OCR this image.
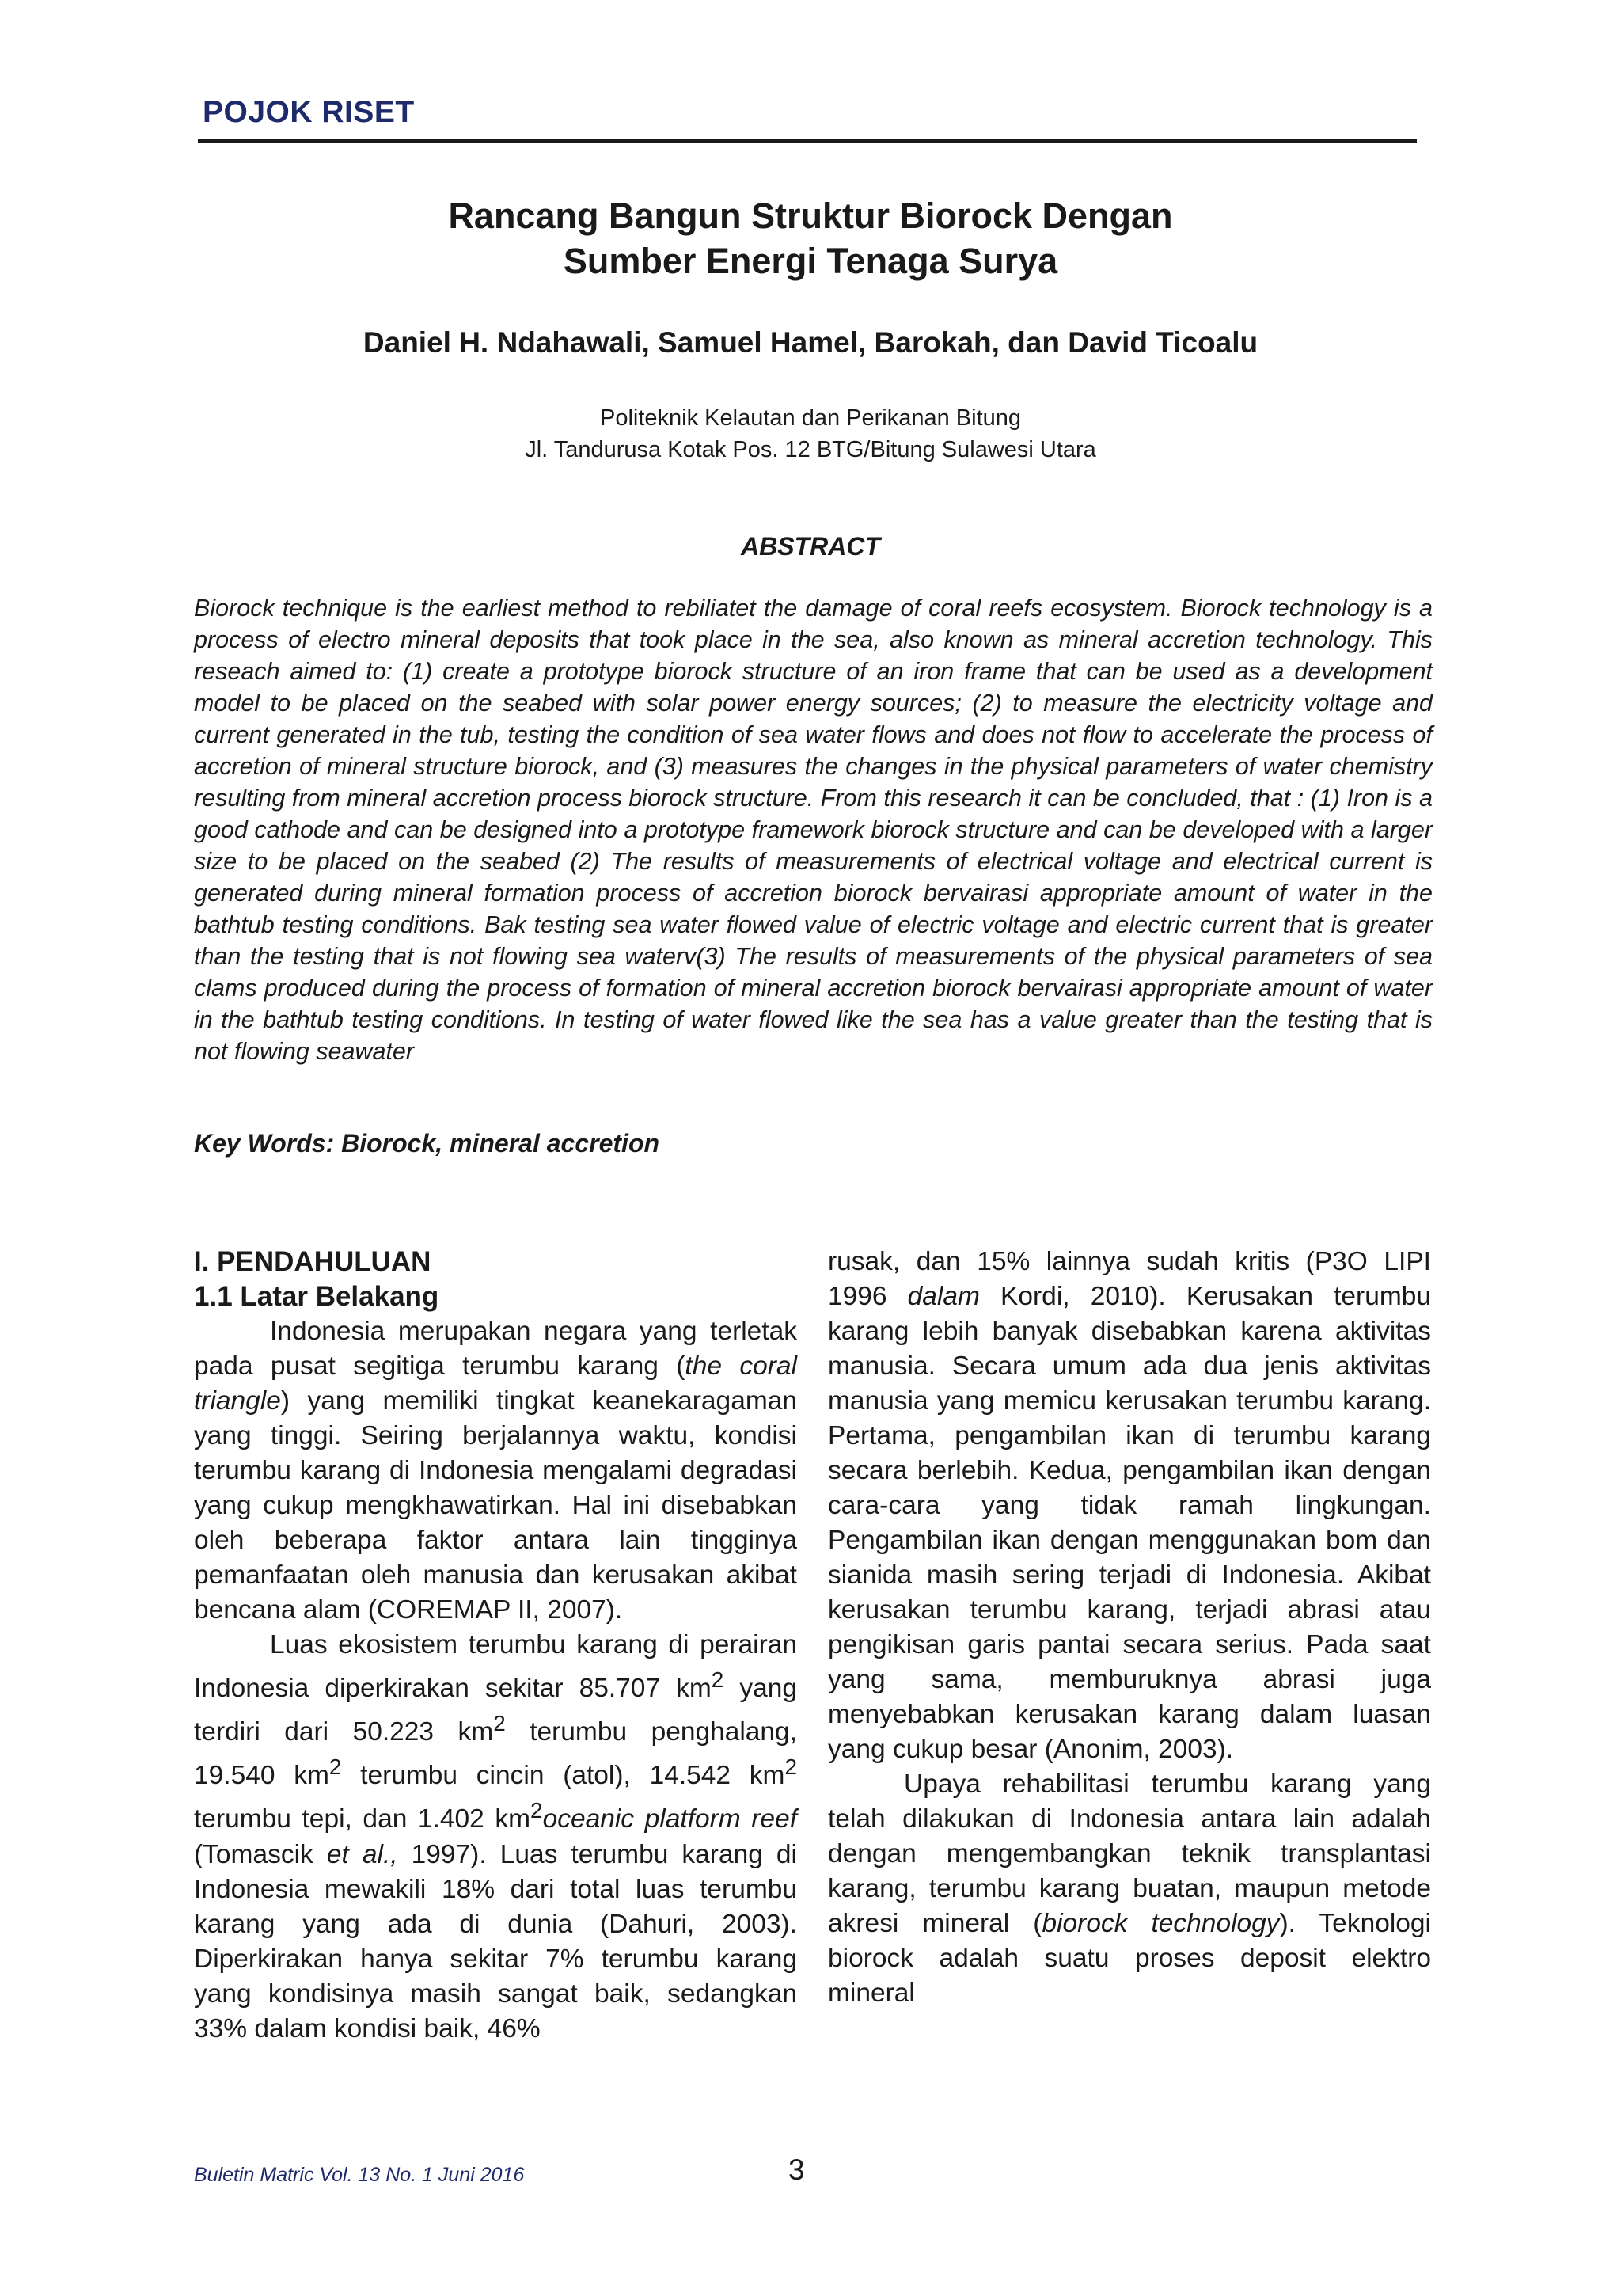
POJOK RISET
Rancang Bangun Struktur Biorock Dengan
Sumber Energi Tenaga Surya
Daniel H. Ndahawali, Samuel Hamel, Barokah, dan David Ticoalu
Politeknik Kelautan dan Perikanan Bitung
Jl. Tandurusa Kotak Pos. 12 BTG/Bitung Sulawesi Utara
ABSTRACT

Biorock technique is the earliest method to rebiliatet the damage of coral reefs ecosystem. Biorock technology is a process of electro mineral deposits that took place in the sea, also known as mineral accretion technology. This reseach aimed to: (1) create a prototype biorock structure of an iron frame that can be used as a development model to be placed on the seabed with solar power energy sources; (2) to measure the electricity voltage and current generated in the tub, testing the condition of sea water flows and does not flow to accelerate the process of accretion of mineral structure biorock, and (3) measures the changes in the physical parameters of water chemistry resulting from mineral accretion process biorock structure. From this research it can be concluded, that : (1) Iron is a good cathode and can be designed into a prototype framework biorock structure and can be developed with a larger size to be placed on the seabed (2) The results of measurements of electrical voltage and electrical current is generated during mineral formation process of accretion biorock bervairasi appropriate amount of water in the bathtub testing conditions. Bak testing sea water flowed value of electric voltage and electric current that is greater than the testing that is not flowing sea waterv(3) The results of measurements of the physical parameters of sea clams produced during the process of formation of mineral accretion biorock bervairasi appropriate amount of water in the bathtub testing conditions. In testing of water flowed like the sea has a value greater than the testing that is not flowing seawater

Key Words: Biorock, mineral accretion
I. PENDAHULUAN
1.1 Latar Belakang

Indonesia merupakan negara yang terletak pada pusat segitiga terumbu karang (the coral triangle) yang memiliki tingkat keanekaragaman yang tinggi. Seiring berjalannya waktu, kondisi terumbu karang di Indonesia mengalami degradasi yang cukup mengkhawatirkan. Hal ini disebabkan oleh beberapa faktor antara lain tingginya pemanfaatan oleh manusia dan kerusakan akibat bencana alam (COREMAP II, 2007).

Luas ekosistem terumbu karang di perairan Indonesia diperkirakan sekitar 85.707 $km^2$ yang terdiri dari 50.223 $km^2$ terumbu penghalang, 19.540 $km^2$ terumbu cincin (atol), 14.542 $km^2$ terumbu tepi, dan 1.402 $km^2oceanic$ platform reef (Tomascik et al., 1997). Luas terumbu karang di Indonesia mewakili 18% dari total luas terumbu karang yang ada di dunia (Dahuri, 2003). Diperkirakan hanya sekitar 7% terumbu karang yang kondisinya masih sangat baik, sedangkan 33% dalam kondisi baik, 46%

rusak, dan 15% lainnya sudah kritis (P3O LIPI 1996 dalam Kordi, 2010). Kerusakan terumbu karang lebih banyak disebabkan karena aktivitas manusia. Secara umum ada dua jenis aktivitas manusia yang memicu kerusakan terumbu karang. Pertama, pengambilan ikan di terumbu karang secara berlebih. Kedua, pengambilan ikan dengan cara-cara yang tidak ramah lingkungan. Pengambilan ikan dengan menggunakan bom dan sianida masih sering terjadi di Indonesia. Akibat kerusakan terumbu karang, terjadi abrasi atau pengikisan garis pantai secara serius. Pada saat yang sama, memburuknya abrasi juga menyebabkan kerusakan karang dalam luasan yang cukup besar (Anonim, 2003).

Upaya rehabilitasi terumbu karang yang telah dilakukan di Indonesia antara lain adalah dengan mengembangkan teknik transplantasi karang, terumbu karang buatan, maupun metode akresi mineral (biorock technology). Teknologi biorock adalah suatu proses deposit elektro mineral

Buletin Matric Vol. 13 No. 1 Juni 2016	3
